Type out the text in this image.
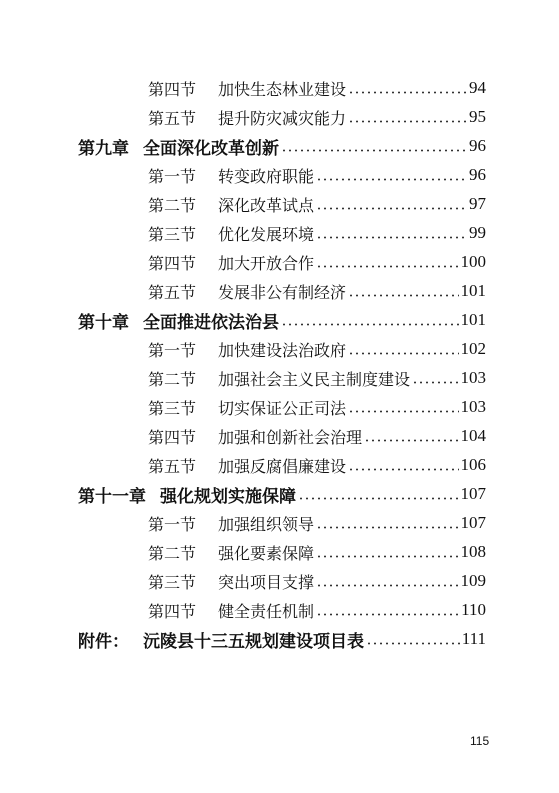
第四节	加快生态林业建设	94
第五节	提升防灾减灾能力	95
第九章 全面深化改革创新	96
第一节	转变政府职能	96
第二节	深化改革试点	97
第三节	优化发展环境	99
第四节	加大开放合作	100
第五节	发展非公有制经济	101
第十章 全面推进依法治县	101
第一节	加快建设法治政府	102
第二节	加强社会主义民主制度建设	103
第三节	切实保证公正司法	103
第四节	加强和创新社会治理	104
第五节	加强反腐倡廉建设	106
第十一章 强化规划实施保障	107
第一节	加强组织领导	107
第二节	强化要素保障	108
第三节	突出项目支撑	109
第四节	健全责任机制	110
附件： 沅陵县十三五规划建设项目表	111
115
